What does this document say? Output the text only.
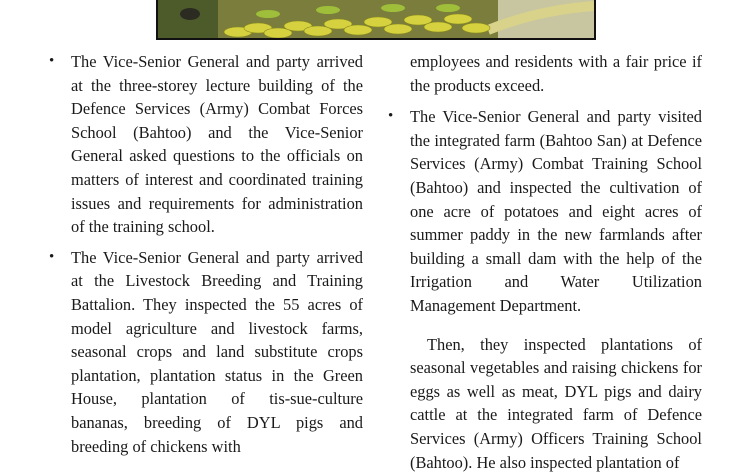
• The Vice-Senior General and party arrived at the three-storey lecture building of the Defence Services (Army) Combat Forces School (Bahtoo) and the Vice-Senior General asked questions to the officials on matters of interest and coordinated training issues and requirements for administration of the training school.

• The Vice-Senior General and party arrived at the Livestock Breeding and Training Battalion. They inspected the 55 acres of model agriculture and livestock farms, seasonal crops and land substitute crops plantation, plantation status in the Green House, plantation of tis-sue-culture bananas, breeding of DYL pigs and breeding of chickens with

employees and residents with a fair price if the products exceed.

• The Vice-Senior General and party visited the integrated farm (Bahtoo San) at Defence Services (Army) Combat Training School (Bahtoo) and inspected the cultivation of one acre of potatoes and eight acres of summer paddy in the new farmlands after building a small dam with the help of the Irrigation and Water Utilization Management Department.

Then, they inspected plantations of seasonal vegetables and raising chickens for eggs as well as meat, DYL pigs and dairy cattle at the integrated farm of Defence Services (Army) Officers Training School (Bahtoo). He also inspected plantation of
